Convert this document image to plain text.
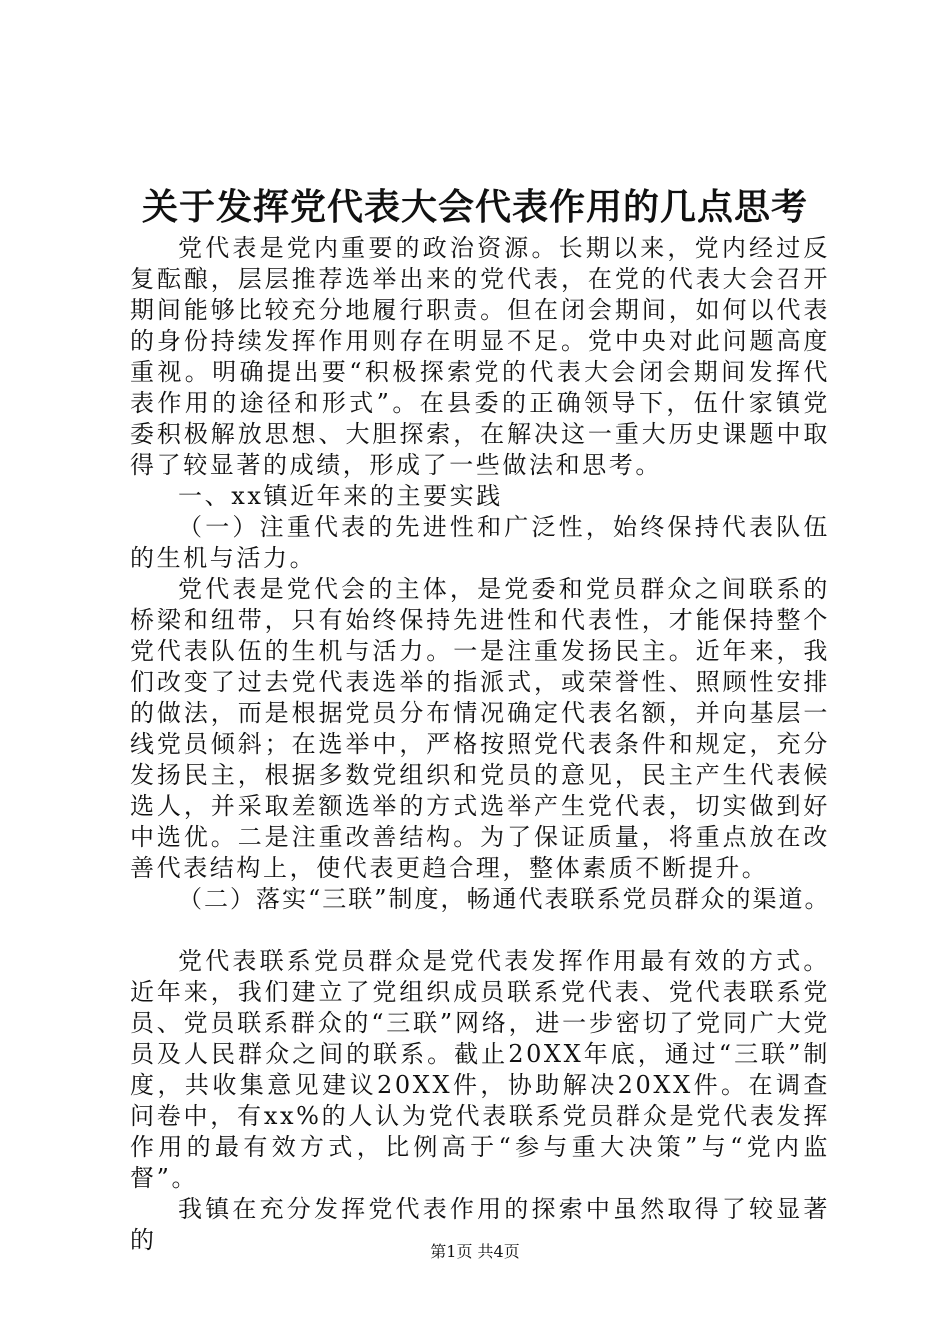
关于发挥党代表大会代表作用的几点思考

党代表是党内重要的政治资源。长期以来，党内经过反复酝酿，层层推荐选举出来的党代表，在党的代表大会召开期间能够比较充分地履行职责。但在闭会期间，如何以代表的身份持续发挥作用则存在明显不足。党中央对此问题高度重视。明确提出要“积极探索党的代表大会闭会期间发挥代表作用的途径和形式”。在县委的正确领导下，伍什家镇党委积极解放思想、大胆探索，在解决这一重大历史课题中取得了较显著的成绩，形成了一些做法和思考。

一、xx镇近年来的主要实践

（一）注重代表的先进性和广泛性，始终保持代表队伍的生机与活力。

党代表是党代会的主体，是党委和党员群众之间联系的桥梁和纽带，只有始终保持先进性和代表性，才能保持整个党代表队伍的生机与活力。一是注重发扬民主。近年来，我们改变了过去党代表选举的指派式，或荣誉性、照顾性安排的做法，而是根据党员分布情况确定代表名额，并向基层一线党员倾斜；在选举中，严格按照党代表条件和规定，充分发扬民主，根据多数党组织和党员的意见，民主产生代表候选人，并采取差额选举的方式选举产生党代表，切实做到好中选优。二是注重改善结构。为了保证质量，将重点放在改善代表结构上，使代表更趋合理，整体素质不断提升。

（二）落实“三联”制度，畅通代表联系党员群众的渠道。

党代表联系党员群众是党代表发挥作用最有效的方式。近年来，我们建立了党组织成员联系党代表、党代表联系党员、党员联系群众的“三联”网络，进一步密切了党同广大党员及人民群众之间的联系。截止20XX年底，通过“三联”制度，共收集意见建议20XX件，协助解决20XX件。在调查问卷中，有xx%的人认为党代表联系党员群众是党代表发挥作用的最有效方式，比例高于“参与重大决策”与“党内监督”。

我镇在充分发挥党代表作用的探索中虽然取得了较显著的	第1页 共4页
